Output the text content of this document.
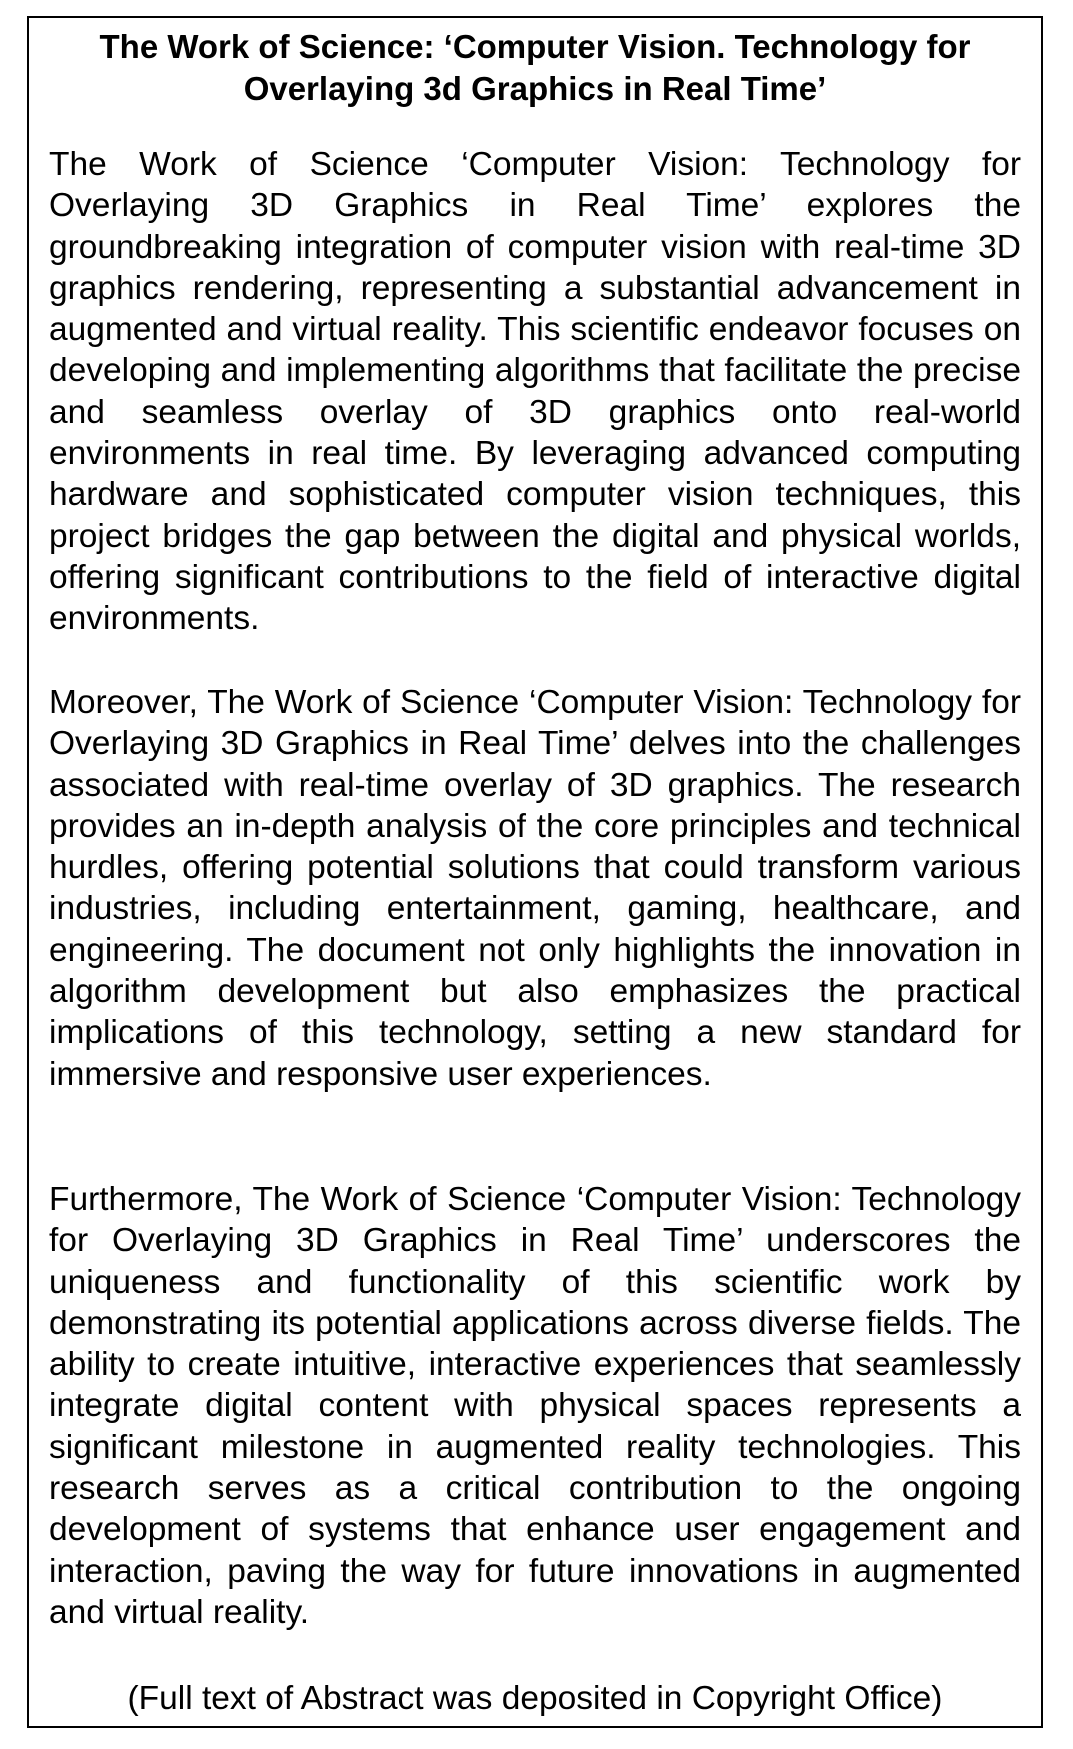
The Work of Science: ‘Computer Vision. Technology for Overlaying 3d Graphics in Real Time’

The Work of Science ‘Computer Vision: Technology for Overlaying 3D Graphics in Real Time’ explores the groundbreaking integration of computer vision with real-time 3D graphics rendering, representing a substantial advancement in augmented and virtual reality. This scientific endeavor focuses on developing and implementing algorithms that facilitate the precise and seamless overlay of 3D graphics onto real-world environments in real time. By leveraging advanced computing hardware and sophisticated computer vision techniques, this project bridges the gap between the digital and physical worlds, offering significant contributions to the field of interactive digital environments.

Moreover, The Work of Science ‘Computer Vision: Technology for Overlaying 3D Graphics in Real Time’ delves into the challenges associated with real-time overlay of 3D graphics. The research provides an in-depth analysis of the core principles and technical hurdles, offering potential solutions that could transform various industries, including entertainment, gaming, healthcare, and engineering. The document not only highlights the innovation in algorithm development but also emphasizes the practical implications of this technology, setting a new standard for immersive and responsive user experiences.

Furthermore, The Work of Science ‘Computer Vision: Technology for Overlaying 3D Graphics in Real Time’ underscores the uniqueness and functionality of this scientific work by demonstrating its potential applications across diverse fields. The ability to create intuitive, interactive experiences that seamlessly integrate digital content with physical spaces represents a significant milestone in augmented reality technologies. This research serves as a critical contribution to the ongoing development of systems that enhance user engagement and interaction, paving the way for future innovations in augmented and virtual reality.

(Full text of Abstract was deposited in Copyright Office)
